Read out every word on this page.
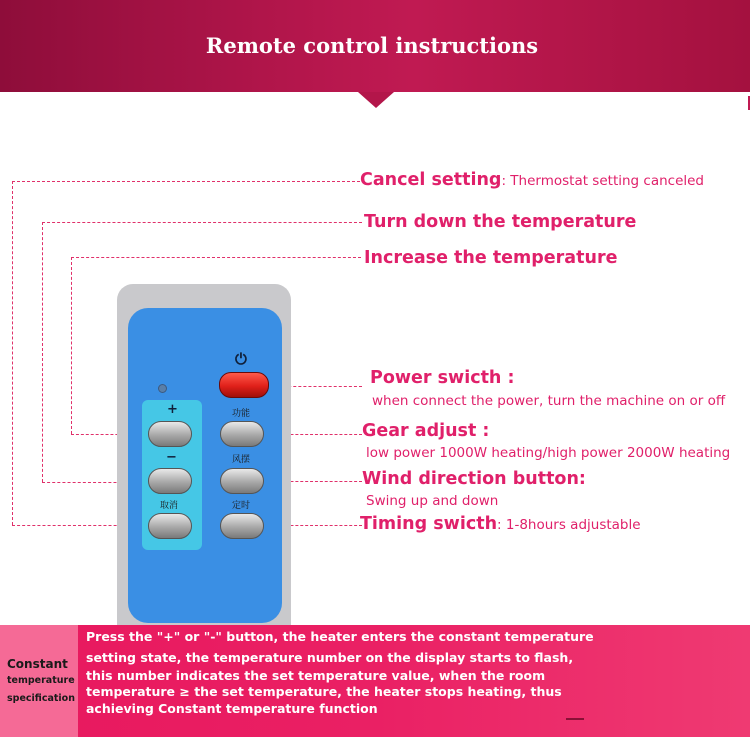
Remote control instructions
Cancel setting: Thermostat setting canceled
Turn down the temperature
Increase the temperature
Power swicth :
when connect the power, turn the machine on or off
Gear adjust :
low power 1000W heating/high power 2000W heating
Wind direction button:
Swing up and down
Timing swicth: 1-8hours adjustable
⏻
+	功能
−	风摆
取消	定时
Constant
temperature
specification
Press the "+" or "-" button, the heater enters the constant temperature
setting state, the temperature number on the display starts to flash,
this number indicates the set temperature value, when the room
temperature ≥ the set temperature, the heater stops heating, thus
achieving Constant temperature function
